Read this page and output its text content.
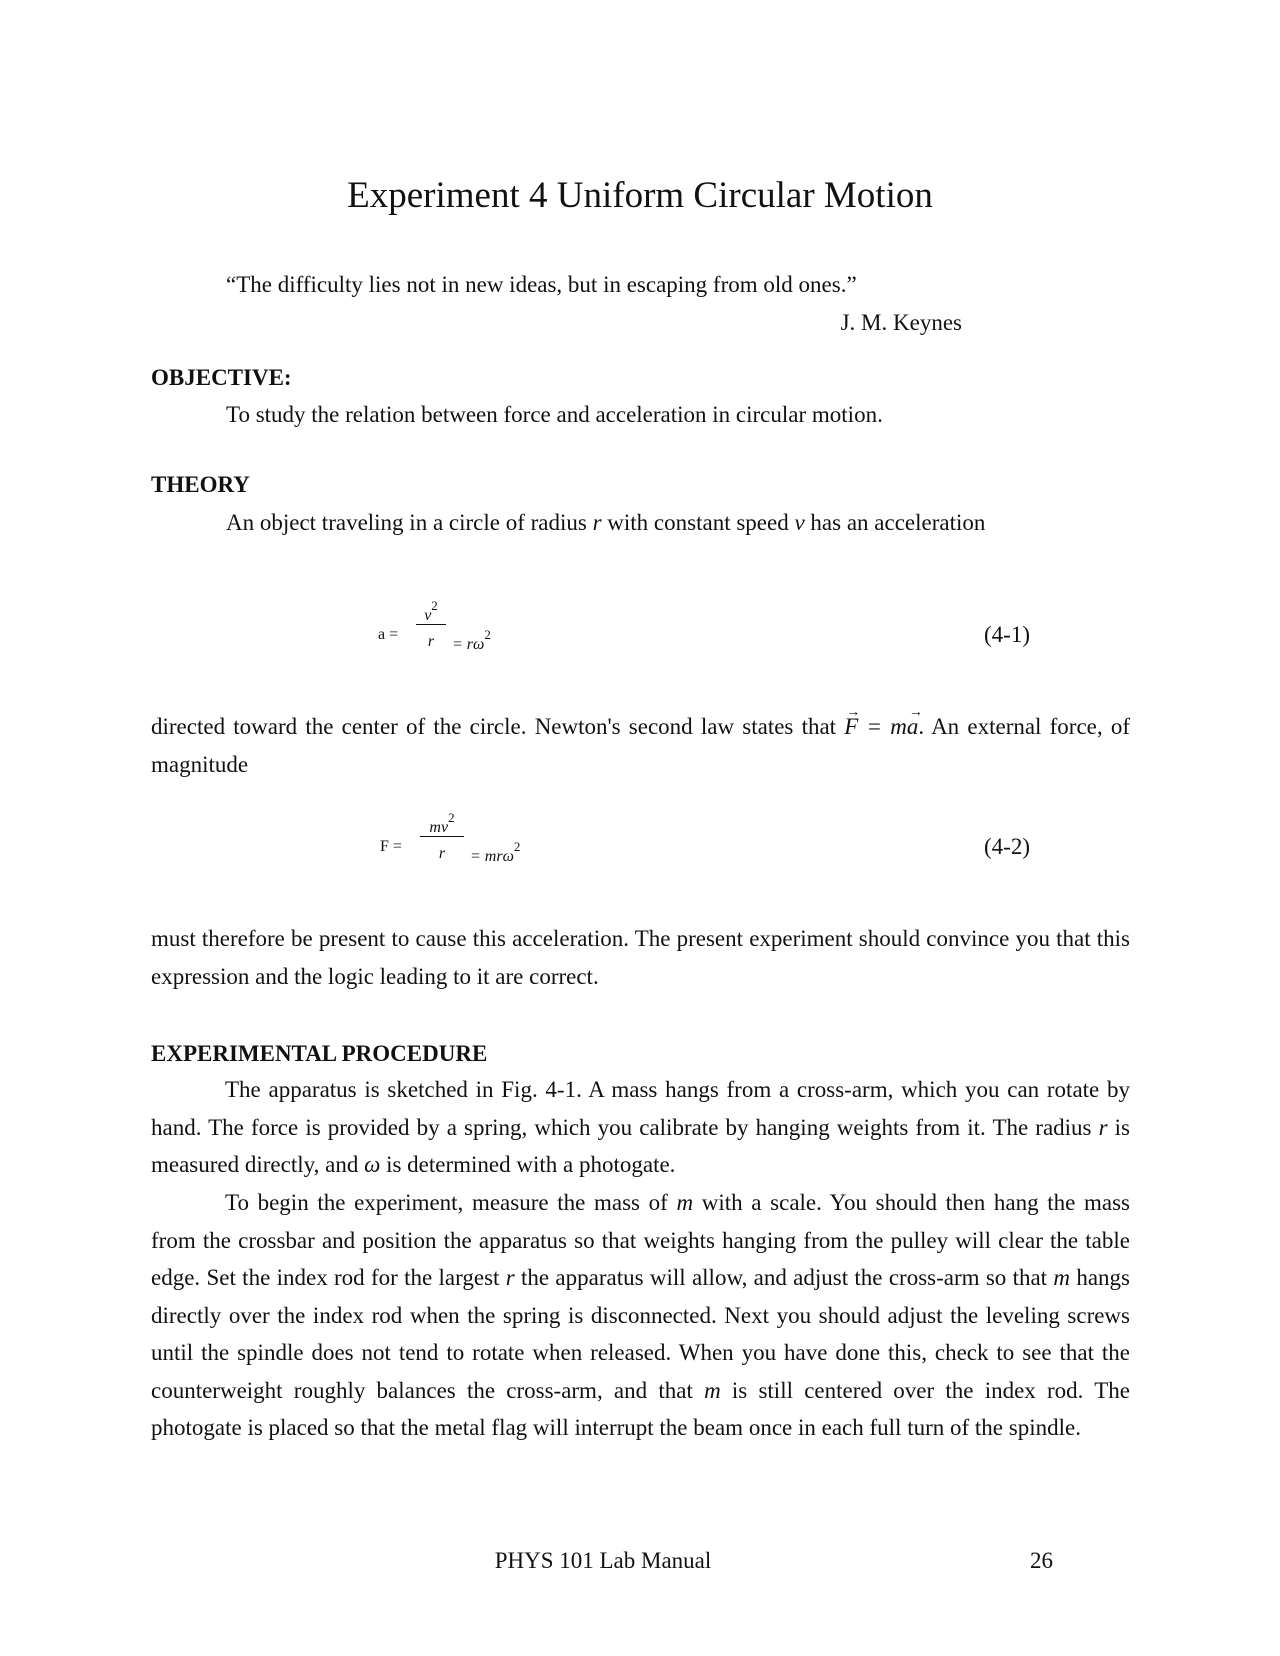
Experiment 4 Uniform Circular Motion
“The difficulty lies not in new ideas, but in escaping from old ones.”
J. M. Keynes
OBJECTIVE:

To study the relation between force and acceleration in circular motion.

THEORY

An object traveling in a circle of radius r with constant speed v has an acceleration

a =
$v^2$
r	= $r\omega^2$	(4-1)

directed toward the center of the circle. Newton's second law states that → F = m→ a. An external force, of magnitude

F =
$mv^2$
r	= mrω$^2$	(4-2)

must therefore be present to cause this acceleration. The present experiment should convince you that this expression and the logic leading to it are correct.

EXPERIMENTAL PROCEDURE

The apparatus is sketched in Fig. 4-1. A mass hangs from a cross-arm, which you can rotate by hand. The force is provided by a spring, which you calibrate by hanging weights from it. The radius r is measured directly, and ω is determined with a photogate.

To begin the experiment, measure the mass of m with a scale. You should then hang the mass from the crossbar and position the apparatus so that weights hanging from the pulley will clear the table edge. Set the index rod for the largest r the apparatus will allow, and adjust the cross-arm so that m hangs directly over the index rod when the spring is disconnected. Next you should adjust the leveling screws until the spindle does not tend to rotate when released. When you have done this, check to see that the counterweight roughly balances the cross-arm, and that m is still centered over the index rod. The photogate is placed so that the metal flag will interrupt the beam once in each full turn of the spindle.

PHYS 101 Lab Manual	26
